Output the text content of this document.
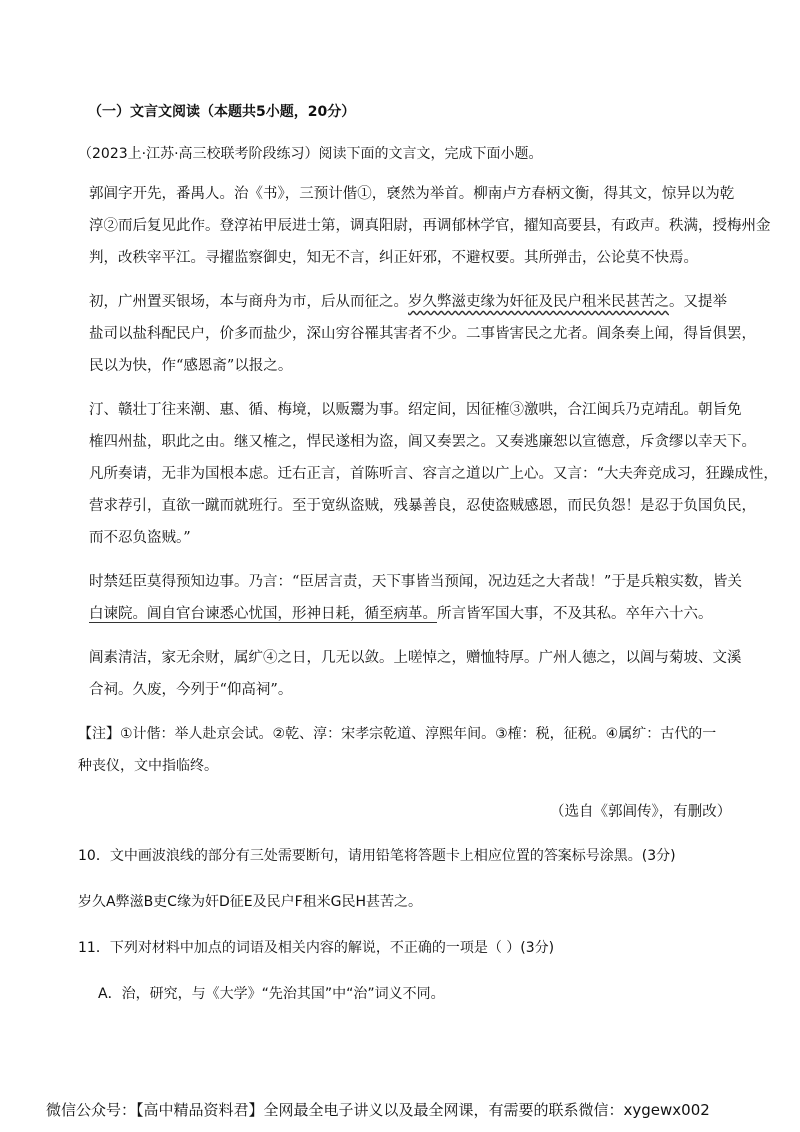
（一）文言文阅读（本题共5小题，20分）
（2023上·江苏·高三校联考阶段练习）阅读下面的文言文，完成下面小题。
郭阊字开先，番禺人。治《书》，三预计偕①，褎然为举首。柳南卢方春柄文衡，得其文，惊异以为乾
淳②而后复见此作。登淳祐甲辰进士第，调真阳尉，再调郁林学官，擢知高要县，有政声。秩满，授梅州金
判，改秩宰平江。寻擢监察御史，知无不言，纠正奸邪，不避权要。其所弹击，公论莫不快焉。
初，广州置买银场，本与商舟为市，后从而征之。岁久弊滋吏缘为奸征及民户租米民甚苦之。又提举
盐司以盐科配民户，价多而盐少，深山穷谷罹其害者不少。二事皆害民之尤者。阊条奏上闻，得旨俱罢，
民以为快，作“感恩斋”以报之。
汀、赣壮丁往来潮、惠、循、梅境，以贩鬻为事。绍定间，因征榷③激哄，合江闽兵乃克靖乱。朝旨免
榷四州盐，职此之由。继又榷之，悍民遂相为盗，阊又奏罢之。又奏逃廉恕以宣德意，斥贪缪以幸天下。
凡所奏请，无非为国根本虑。迁右正言，首陈听言、容言之道以广上心。又言：“大夫奔竞成习，狂躁成性，
营求荐引，直欲一蹴而就班行。至于宽纵盗贼，残暴善良，忍使盗贼感恩，而民负怨！是忍于负国负民，
而不忍负盗贼。”
时禁廷臣莫得预知边事。乃言：“臣居言责，天下事皆当预闻，况边廷之大者哉！”于是兵粮实数，皆关
白谏院。阊自官台谏悉心忧国，形神日耗，循至病革。所言皆军国大事，不及其私。卒年六十六。
阊素清洁，家无余财，属纩④之日，几无以敛。上嗟悼之，赠恤特厚。广州人德之，以阊与菊坡、文溪
合祠。久废，今列于“仰高祠”。
【注】①计偕：举人赴京会试。②乾、淳：宋孝宗乾道、淳熙年间。③榷：税，征税。④属纩：古代的一
种丧仪，文中指临终。
（选自《郭阊传》，有删改）
10．文中画波浪线的部分有三处需要断句，请用铅笔将答题卡上相应位置的答案标号涂黑。(3分)
岁久A弊滋B吏C缘为奸D征E及民户F租米G民H甚苦之。
11．下列对材料中加点的词语及相关内容的解说，不正确的一项是（ ）(3分)
A．治，研究，与《大学》“先治其国”中“治”词义不同。
微信公众号：【高中精品资料君】全网最全电子讲义以及最全网课，有需要的联系微信：xygewx002
